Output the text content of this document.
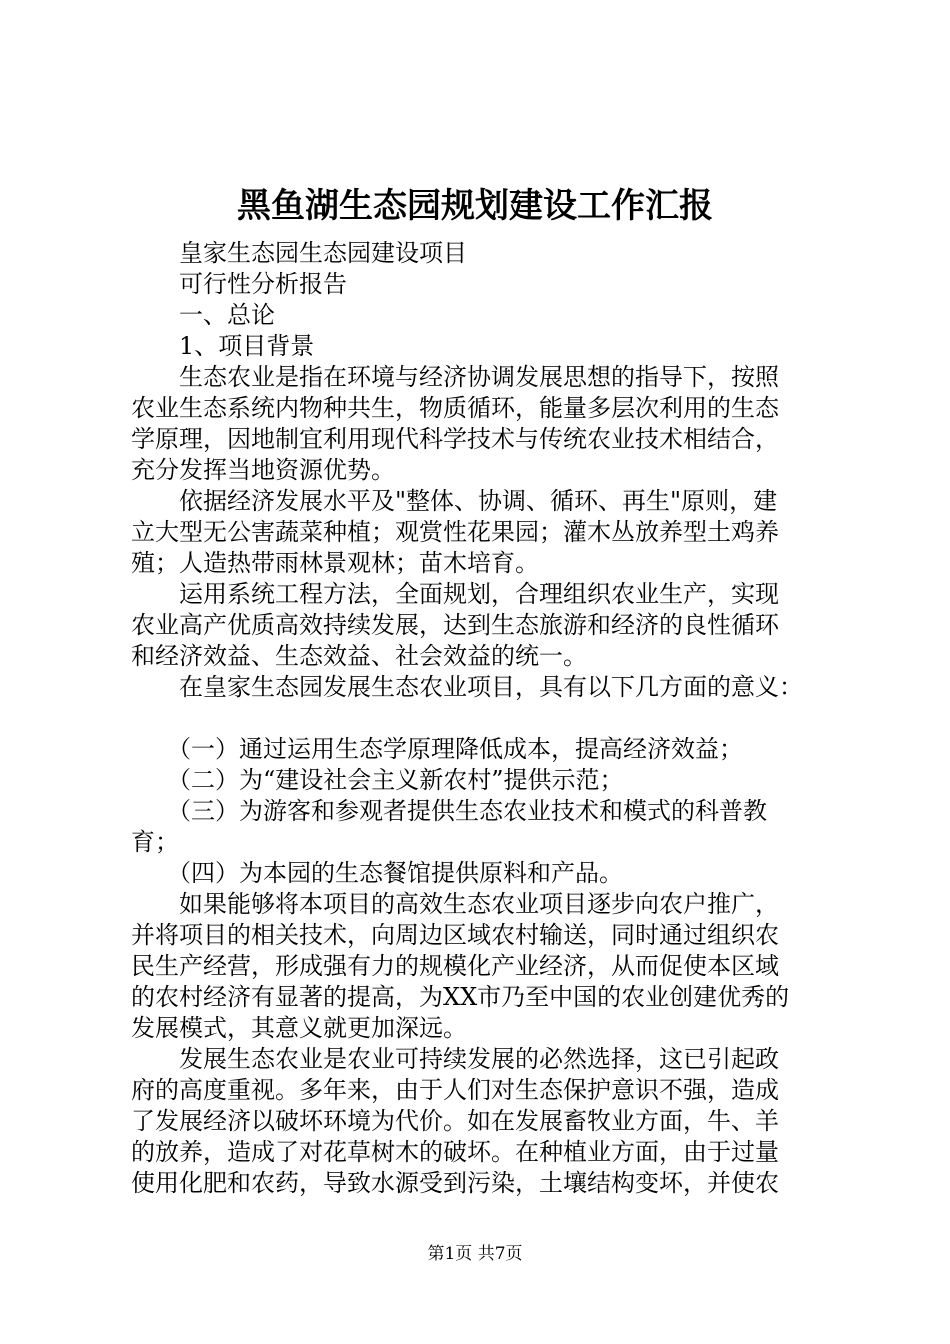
黑鱼湖生态园规划建设工作汇报
　　皇家生态园生态园建设项目
　　可行性分析报告
　　一、总论
　　1、项目背景
　　生态农业是指在环境与经济协调发展思想的指导下，按照
农业生态系统内物种共生，物质循环，能量多层次利用的生态
学原理，因地制宜利用现代科学技术与传统农业技术相结合，
充分发挥当地资源优势。
　　依据经济发展水平及"整体、协调、循环、再生"原则，建
立大型无公害蔬菜种植；观赏性花果园；灌木丛放养型土鸡养
殖；人造热带雨林景观林；苗木培育。
　　运用系统工程方法，全面规划，合理组织农业生产，实现
农业高产优质高效持续发展，达到生态旅游和经济的良性循环
和经济效益、生态效益、社会效益的统一。
　　在皇家生态园发展生态农业项目，具有以下几方面的意义：
　　（一）通过运用生态学原理降低成本，提高经济效益；
　　（二）为“建设社会主义新农村”提供示范；
　　（三）为游客和参观者提供生态农业技术和模式的科普教
育；
　　（四）为本园的生态餐馆提供原料和产品。
　　如果能够将本项目的高效生态农业项目逐步向农户推广，
并将项目的相关技术，向周边区域农村输送，同时通过组织农
民生产经营，形成强有力的规模化产业经济，从而促使本区域
的农村经济有显著的提高，为XX市乃至中国的农业创建优秀的
发展模式，其意义就更加深远。
　　发展生态农业是农业可持续发展的必然选择，这已引起政
府的高度重视。多年来，由于人们对生态保护意识不强，造成
了发展经济以破坏环境为代价。如在发展畜牧业方面，牛、羊
的放养，造成了对花草树木的破坏。在种植业方面，由于过量
使用化肥和农药，导致水源受到污染，土壤结构变坏，并使农
第1页 共7页
